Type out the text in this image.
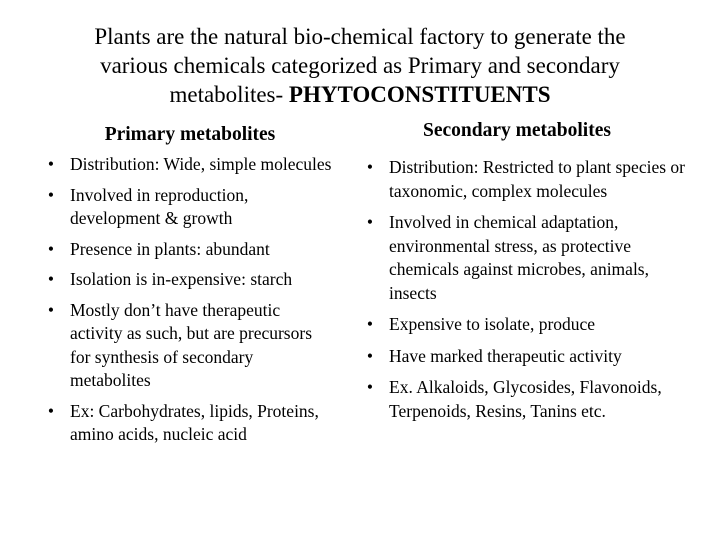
Plants are the natural bio-chemical factory to generate the
various chemicals categorized as Primary and secondary
metabolites- PHYTOCONSTITUENTS
Primary metabolites	Secondary metabolites
• Distribution: Wide, simple molecules
• Involved in reproduction, development & growth
• Presence in plants: abundant
• Isolation is in-expensive: starch
• Mostly don’t have therapeutic activity as such, but are precursors for synthesis of secondary metabolites
• Ex: Carbohydrates, lipids, Proteins, amino acids, nucleic acid
• Distribution: Restricted to plant species or taxonomic, complex molecules
• Involved in chemical adaptation, environmental stress, as protective chemicals against microbes, animals, insects
• Expensive to isolate, produce
• Have marked therapeutic activity
• Ex. Alkaloids, Glycosides, Flavonoids, Terpenoids, Resins, Tanins etc.
